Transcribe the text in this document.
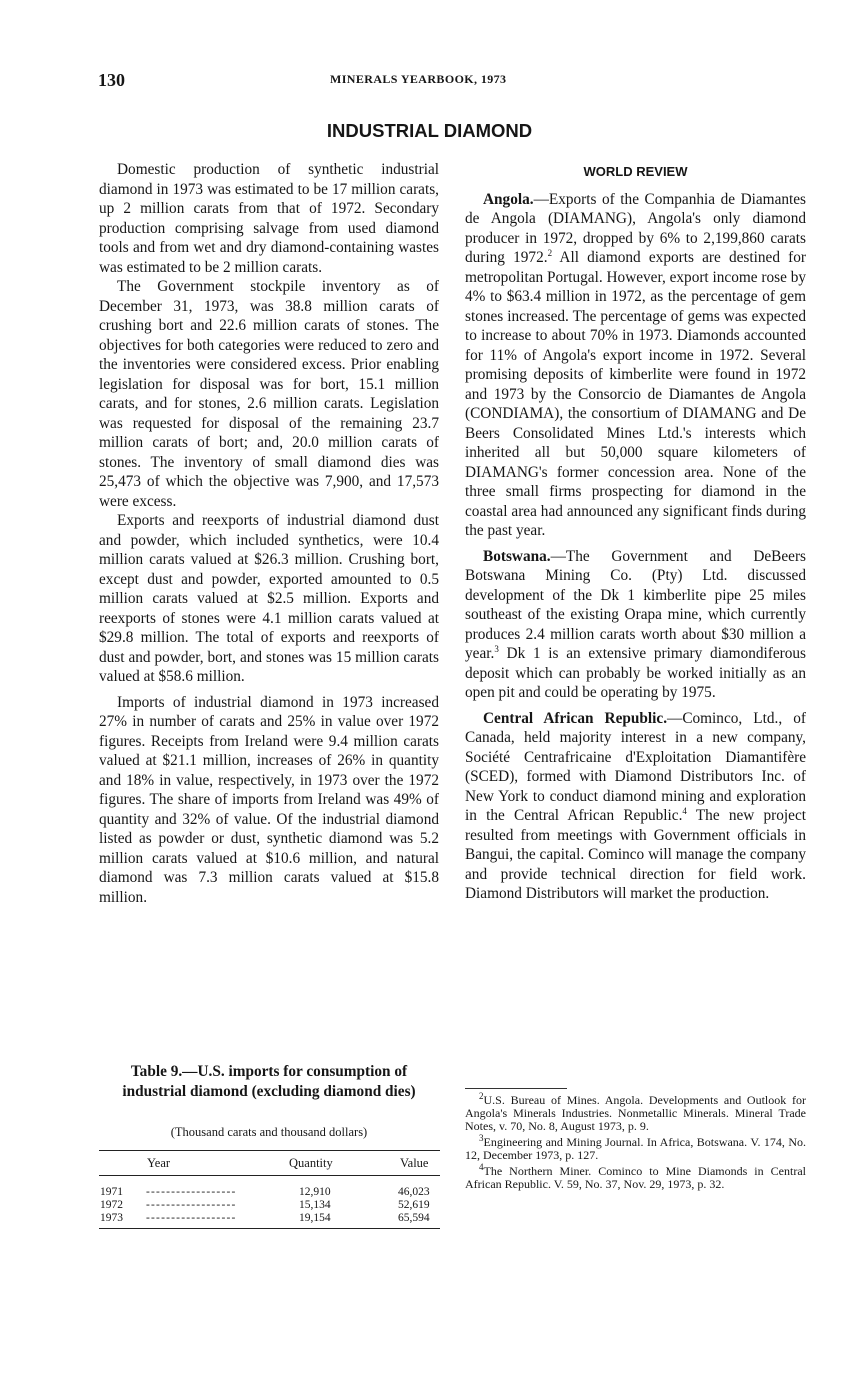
130	MINERALS YEARBOOK, 1973
INDUSTRIAL DIAMOND

Domestic production of synthetic industrial diamond in 1973 was estimated to be 17 million carats, up 2 million carats from that of 1972. Secondary production comprising salvage from used diamond tools and from wet and dry diamond-containing wastes was estimated to be 2 million carats.

The Government stockpile inventory as of December 31, 1973, was 38.8 million carats of crushing bort and 22.6 million carats of stones. The objectives for both categories were reduced to zero and the inventories were considered excess. Prior enabling legislation for disposal was for bort, 15.1 million carats, and for stones, 2.6 million carats. Legislation was requested for disposal of the remaining 23.7 million carats of bort; and, 20.0 million carats of stones. The inventory of small diamond dies was 25,473 of which the objective was 7,900, and 17,573 were excess.

Exports and reexports of industrial diamond dust and powder, which included synthetics, were 10.4 million carats valued at $26.3 million. Crushing bort, except dust and powder, exported amounted to 0.5 million carats valued at $2.5 million. Exports and reexports of stones were 4.1 million carats valued at $29.8 million. The total of exports and reexports of dust and powder, bort, and stones was 15 million carats valued at $58.6 million.

Imports of industrial diamond in 1973 increased 27% in number of carats and 25% in value over 1972 figures. Receipts from Ireland were 9.4 million carats valued at $21.1 million, increases of 26% in quantity and 18% in value, respectively, in 1973 over the 1972 figures. The share of imports from Ireland was 49% of quantity and 32% of value. Of the industrial diamond listed as powder or dust, synthetic diamond was 5.2 million carats valued at $10.6 million, and natural diamond was 7.3 million carats valued at $15.8 million.

WORLD REVIEW

Angola.—Exports of the Companhia de Diamantes de Angola (DIAMANG), Angola's only diamond producer in 1972, dropped by 6% to 2,199,860 carats during 1972.$^2$ All diamond exports are destined for metropolitan Portugal. However, export income rose by 4% to $63.4 million in 1972, as the percentage of gem stones increased. The percentage of gems was expected to increase to about 70% in 1973. Diamonds accounted for 11% of Angola's export income in 1972. Several promising deposits of kimberlite were found in 1972 and 1973 by the Consorcio de Diamantes de Angola (CONDIAMA), the consortium of DIAMANG and De Beers Consolidated Mines Ltd.'s interests which inherited all but 50,000 square kilometers of DIAMANG's former concession area. None of the three small firms prospecting for diamond in the coastal area had announced any significant finds during the past year.

Botswana.—The Government and DeBeers Botswana Mining Co. (Pty) Ltd. discussed development of the Dk 1 kimberlite pipe 25 miles southeast of the existing Orapa mine, which currently produces 2.4 million carats worth about $30 million a year.$^3$ Dk 1 is an extensive primary diamondiferous deposit which can probably be worked initially as an open pit and could be operating by 1975.

Central African Republic.—Cominco, Ltd., of Canada, held majority interest in a new company, Société Centrafricaine d'Exploitation Diamantifère (SCED), formed with Diamond Distributors Inc. of New York to conduct diamond mining and exploration in the Central African Republic.$^4$ The new project resulted from meetings with Government officials in Bangui, the capital. Cominco will manage the company and provide technical direction for field work. Diamond Distributors will market the production.

Table 9.—U.S. imports for consumption of industrial diamond (excluding diamond dies)
(Thousand carats and thousand dollars)
Year	Quantity	Value
1971 ------------------	12,910	46,023
1972 ------------------	15,134	52,619
1973 ------------------	19,154	65,594

$^2$U.S. Bureau of Mines. Angola. Developments and Outlook for Angola's Minerals Industries. Nonmetallic Minerals. Mineral Trade Notes, v. 70, No. 8, August 1973, p. 9.

$^3$Engineering and Mining Journal. In Africa, Botswana. V. 174, No. 12, December 1973, p. 127.

$^4$The Northern Miner. Cominco to Mine Diamonds in Central African Republic. V. 59, No. 37, Nov. 29, 1973, p. 32.
